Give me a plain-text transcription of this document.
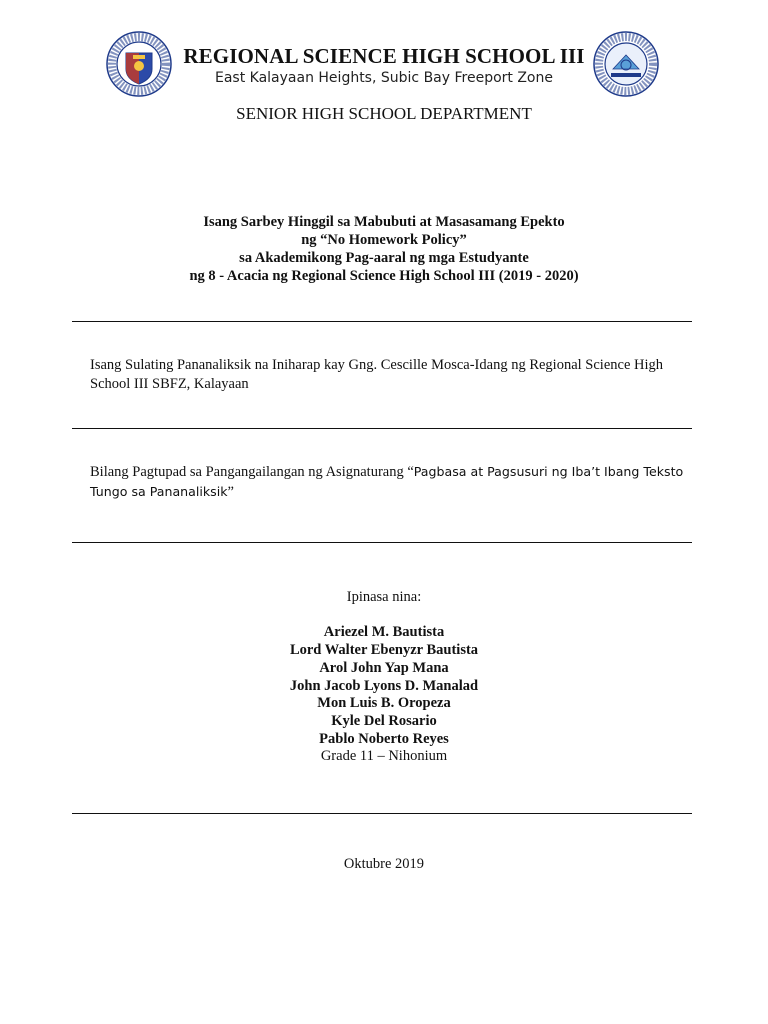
REGIONAL SCIENCE HIGH SCHOOL III
East Kalayaan Heights, Subic Bay Freeport Zone
SENIOR HIGH SCHOOL DEPARTMENT
Isang Sarbey Hinggil sa Mabubuti at Masasamang Epekto
ng “No Homework Policy”
sa Akademikong Pag-aaral ng mga Estudyante
ng 8 - Acacia ng Regional Science High School III (2019 - 2020)
Isang Sulating Pananaliksik na Iniharap kay Gng. Cescille Mosca-Idang ng Regional Science High School III SBFZ, Kalayaan
Bilang Pagtupad sa Pangangailangan ng Asignaturang “Pagbasa at Pagsusuri ng Iba’t Ibang Teksto Tungo sa Pananaliksik”
Ipinasa nina:
Ariezel M. Bautista
Lord Walter Ebenyzr Bautista
Arol John Yap Mana
John Jacob Lyons D. Manalad
Mon Luis B. Oropeza
Kyle Del Rosario
Pablo Noberto Reyes
Grade 11 – Nihonium
Oktubre 2019
